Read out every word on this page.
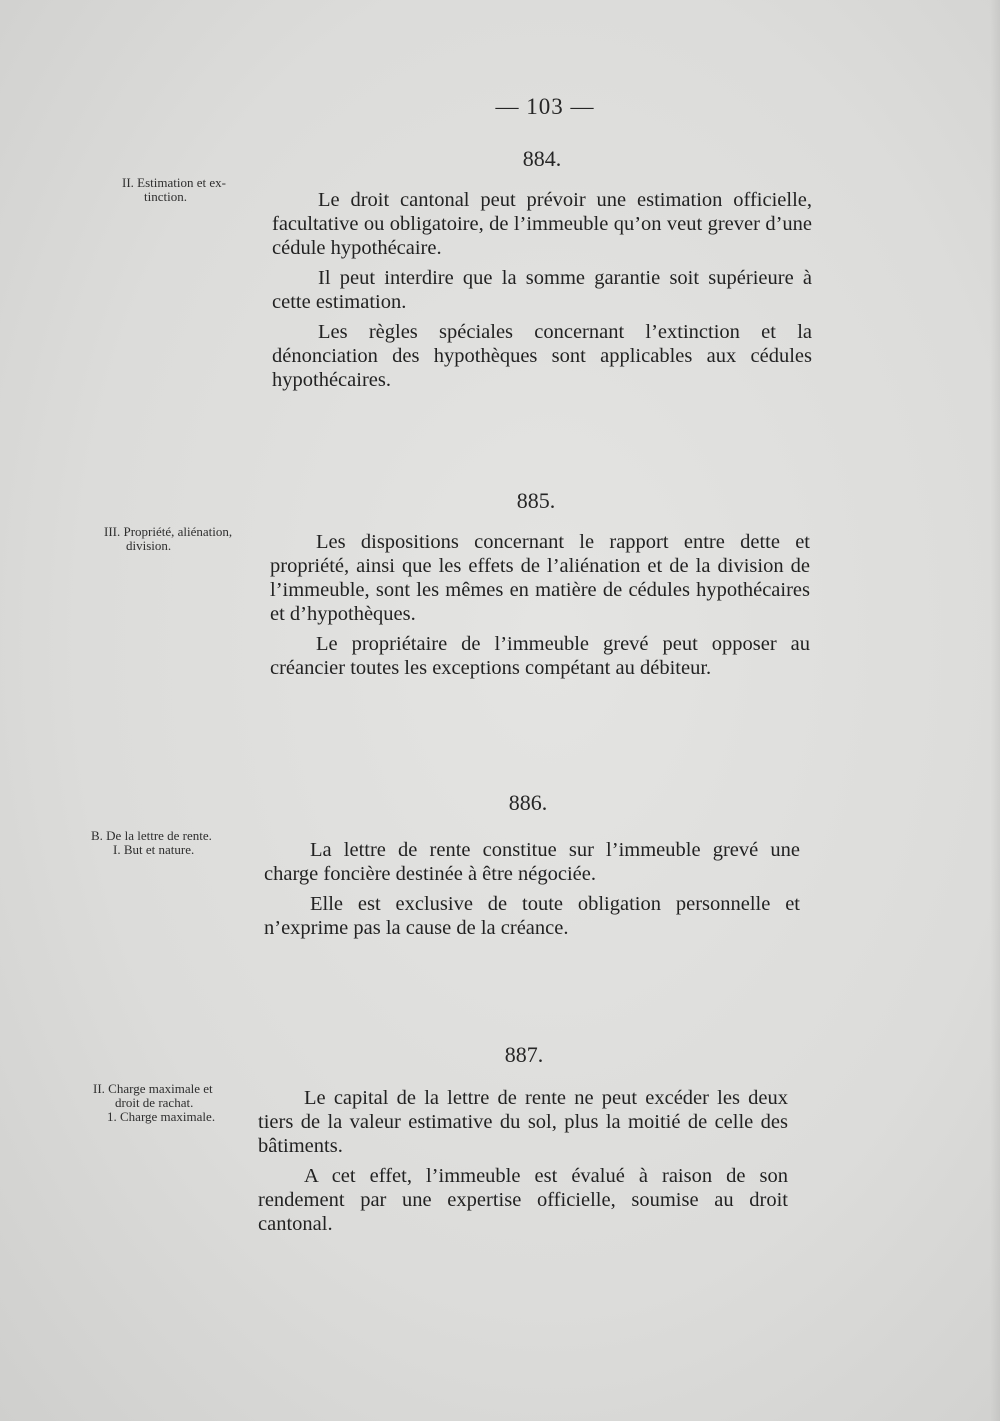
— 103 —
884.
II. Estimation et ex-
tinction.	Le droit cantonal peut prévoir une estimation officielle, facultative ou obligatoire, de l’immeuble qu’on veut grever d’une cédule hypothécaire.

Il peut interdire que la somme garantie soit supérieure à cette estimation.

Les règles spéciales concernant l’extinction et la dénonciation des hypothèques sont applicables aux cédules hypothécaires.

885.
III. Propriété, aliénation,
division.	Les dispositions concernant le rapport entre dette et propriété, ainsi que les effets de l’aliénation et de la division de l’immeuble, sont les mêmes en matière de cédules hypothécaires et d’hypothèques.

Le propriétaire de l’immeuble grevé peut opposer au créancier toutes les exceptions compétant au débiteur.

886.
B. De la lettre de rente.
I. But et nature.	La lettre de rente constitue sur l’immeuble grevé une charge foncière destinée à être négociée.

Elle est exclusive de toute obligation personnelle et n’exprime pas la cause de la créance.

887.
II. Charge maximale et
droit de rachat.
1. Charge maximale.

Le capital de la lettre de rente ne peut excéder les deux tiers de la valeur estimative du sol, plus la moitié de celle des bâtiments.

A cet effet, l’immeuble est évalué à raison de son rendement par une expertise officielle, soumise au droit cantonal.
